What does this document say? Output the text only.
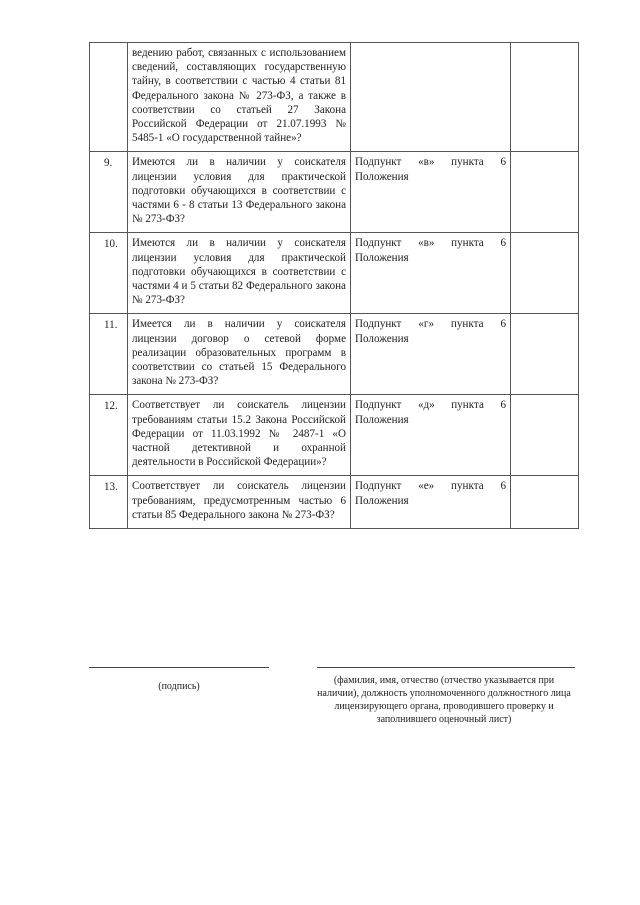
	ведению работ, связанных с использованием сведений, составляющих государственную тайну, в соответствии с частью 4 статьи 81 Федерального закона № 273-ФЗ, а также в соответствии со статьей 27 Закона Российской Федерации от 21.07.1993 № 5485-1 «О государственной тайне»?		
9.	Имеются ли в наличии у соискателя лицензии условия для практической подготовки обучающихся в соответствии с частями 6 - 8 статьи 13 Федерального закона № 273-ФЗ?	Подпункт «в» пункта 6 Положения	
10.	Имеются ли в наличии у соискателя лицензии условия для практической подготовки обучающихся в соответствии с частями 4 и 5 статьи 82 Федерального закона № 273-ФЗ?	Подпункт «в» пункта 6 Положения	
11.	Имеется ли в наличии у соискателя лицензии договор о сетевой форме реализации образовательных программ в соответствии со статьей 15 Федерального закона № 273-ФЗ?	Подпункт «г» пункта 6 Положения	
12.	Соответствует ли соискатель лицензии требованиям статьи 15.2 Закона Российской Федерации от 11.03.1992 № 2487-1 «О частной детективной и охранной деятельности в Российской Федерации»?	Подпункт «д» пункта 6 Положения	
13.	Соответствует ли соискатель лицензии требованиям, предусмотренным частью 6 статьи 85 Федерального закона № 273-ФЗ?	Подпункт «е» пункта 6 Положения	
(подпись)
(фамилия, имя, отчество (отчество указывается при наличии), должность уполномоченного должностного лица лицензирующего органа, проводившего проверку и заполнившего оценочный лист)
